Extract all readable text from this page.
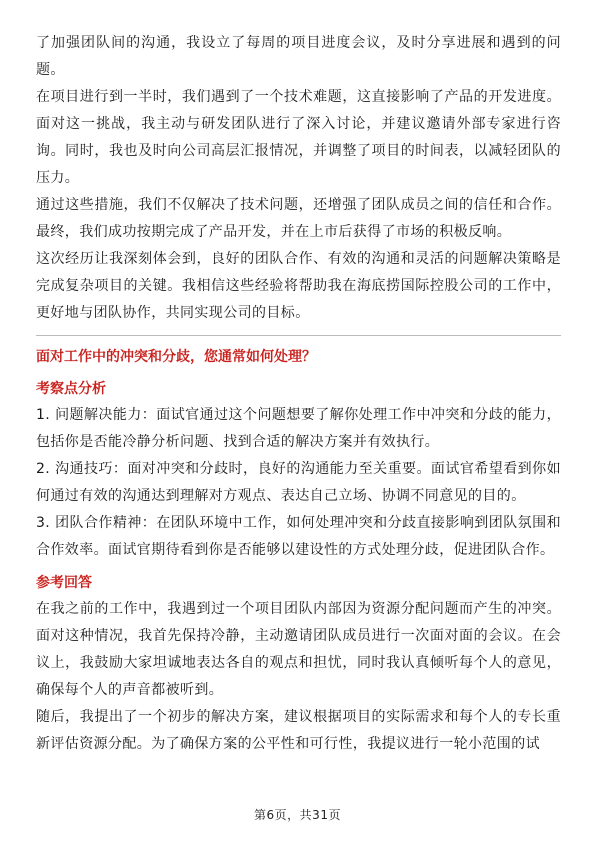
了加强团队间的沟通，我设立了每周的项目进度会议，及时分享进展和遇到的问题。

在项目进行到一半时，我们遇到了一个技术难题，这直接影响了产品的开发进度。面对这一挑战，我主动与研发团队进行了深入讨论，并建议邀请外部专家进行咨询。同时，我也及时向公司高层汇报情况，并调整了项目的时间表，以减轻团队的压力。

通过这些措施，我们不仅解决了技术问题，还增强了团队成员之间的信任和合作。最终，我们成功按期完成了产品开发，并在上市后获得了市场的积极反响。

这次经历让我深刻体会到，良好的团队合作、有效的沟通和灵活的问题解决策略是完成复杂项目的关键。我相信这些经验将帮助我在海底捞国际控股公司的工作中，更好地与团队协作，共同实现公司的目标。

面对工作中的冲突和分歧，您通常如何处理？

考察点分析

1. 问题解决能力：面试官通过这个问题想要了解你处理工作中冲突和分歧的能力，包括你是否能冷静分析问题、找到合适的解决方案并有效执行。

2. 沟通技巧：面对冲突和分歧时，良好的沟通能力至关重要。面试官希望看到你如何通过有效的沟通达到理解对方观点、表达自己立场、协调不同意见的目的。

3. 团队合作精神：在团队环境中工作，如何处理冲突和分歧直接影响到团队氛围和合作效率。面试官期待看到你是否能够以建设性的方式处理分歧，促进团队合作。

参考回答

在我之前的工作中，我遇到过一个项目团队内部因为资源分配问题而产生的冲突。面对这种情况，我首先保持冷静，主动邀请团队成员进行一次面对面的会议。在会议上，我鼓励大家坦诚地表达各自的观点和担忧，同时我认真倾听每个人的意见，确保每个人的声音都被听到。

随后，我提出了一个初步的解决方案，建议根据项目的实际需求和每个人的专长重新评估资源分配。为了确保方案的公平性和可行性，我提议进行一轮小范围的试

第6页，共31页
